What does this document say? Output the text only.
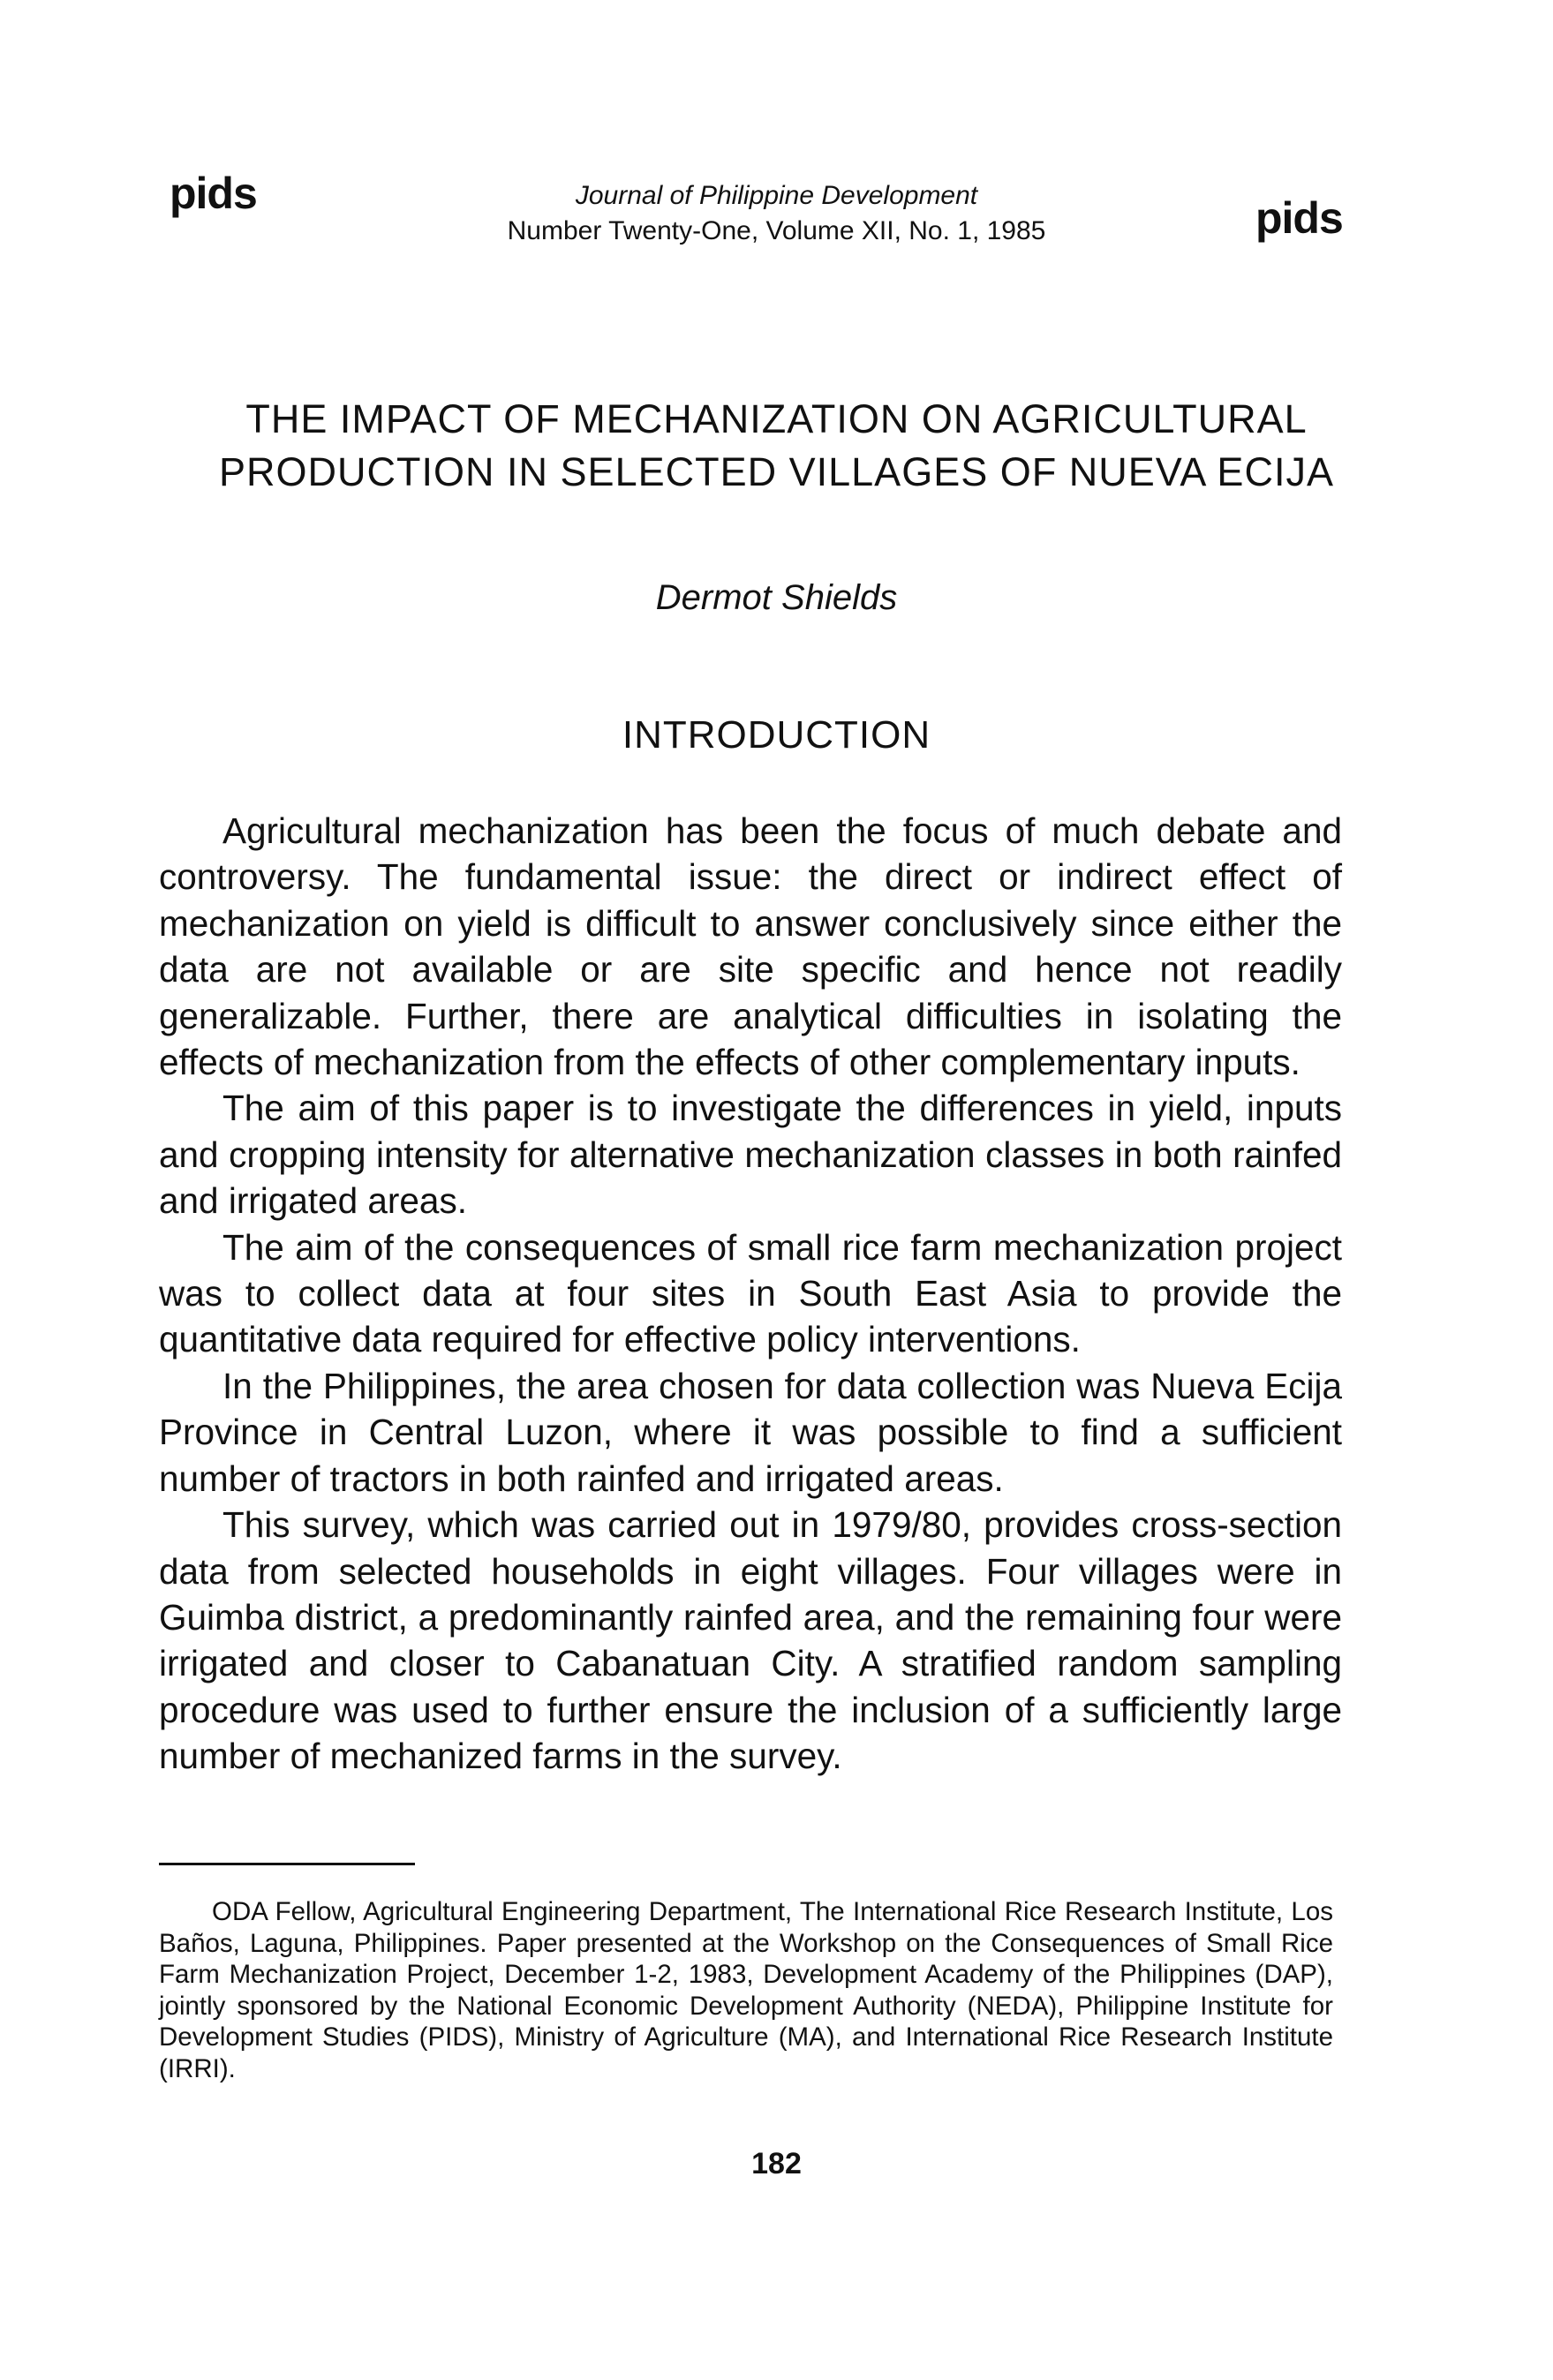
pids	pids
Journal of Philippine Development
Number Twenty-One, Volume XII, No. 1, 1985
THE IMPACT OF MECHANIZATION ON AGRICULTURAL PRODUCTION IN SELECTED VILLAGES OF NUEVA ECIJA
Dermot Shields
INTRODUCTION

Agricultural mechanization has been the focus of much debate and controversy. The fundamental issue: the direct or indirect effect of mechanization on yield is difficult to answer conclusively since either the data are not available or are site specific and hence not readily generalizable. Further, there are analytical difficulties in isolating the effects of mechanization from the effects of other complementary inputs.

The aim of this paper is to investigate the differences in yield, inputs and cropping intensity for alternative mechanization classes in both rainfed and irrigated areas.

The aim of the consequences of small rice farm mechanization project was to collect data at four sites in South East Asia to provide the quantitative data required for effective policy interventions.

In the Philippines, the area chosen for data collection was Nueva Ecija Province in Central Luzon, where it was possible to find a sufficient number of tractors in both rainfed and irrigated areas.

This survey, which was carried out in 1979/80, provides cross-section data from selected households in eight villages. Four villages were in Guimba district, a predominantly rainfed area, and the remaining four were irrigated and closer to Cabanatuan City. A stratified random sampling procedure was used to further ensure the inclusion of a sufficiently large number of mechanized farms in the survey.

ODA Fellow, Agricultural Engineering Department, The International Rice Research Institute, Los Baños, Laguna, Philippines. Paper presented at the Workshop on the Consequences of Small Rice Farm Mechanization Project, December 1-2, 1983, Development Academy of the Philippines (DAP), jointly sponsored by the National Economic Development Authority (NEDA), Philippine Institute for Development Studies (PIDS), Ministry of Agriculture (MA), and International Rice Research Institute (IRRI).

182
